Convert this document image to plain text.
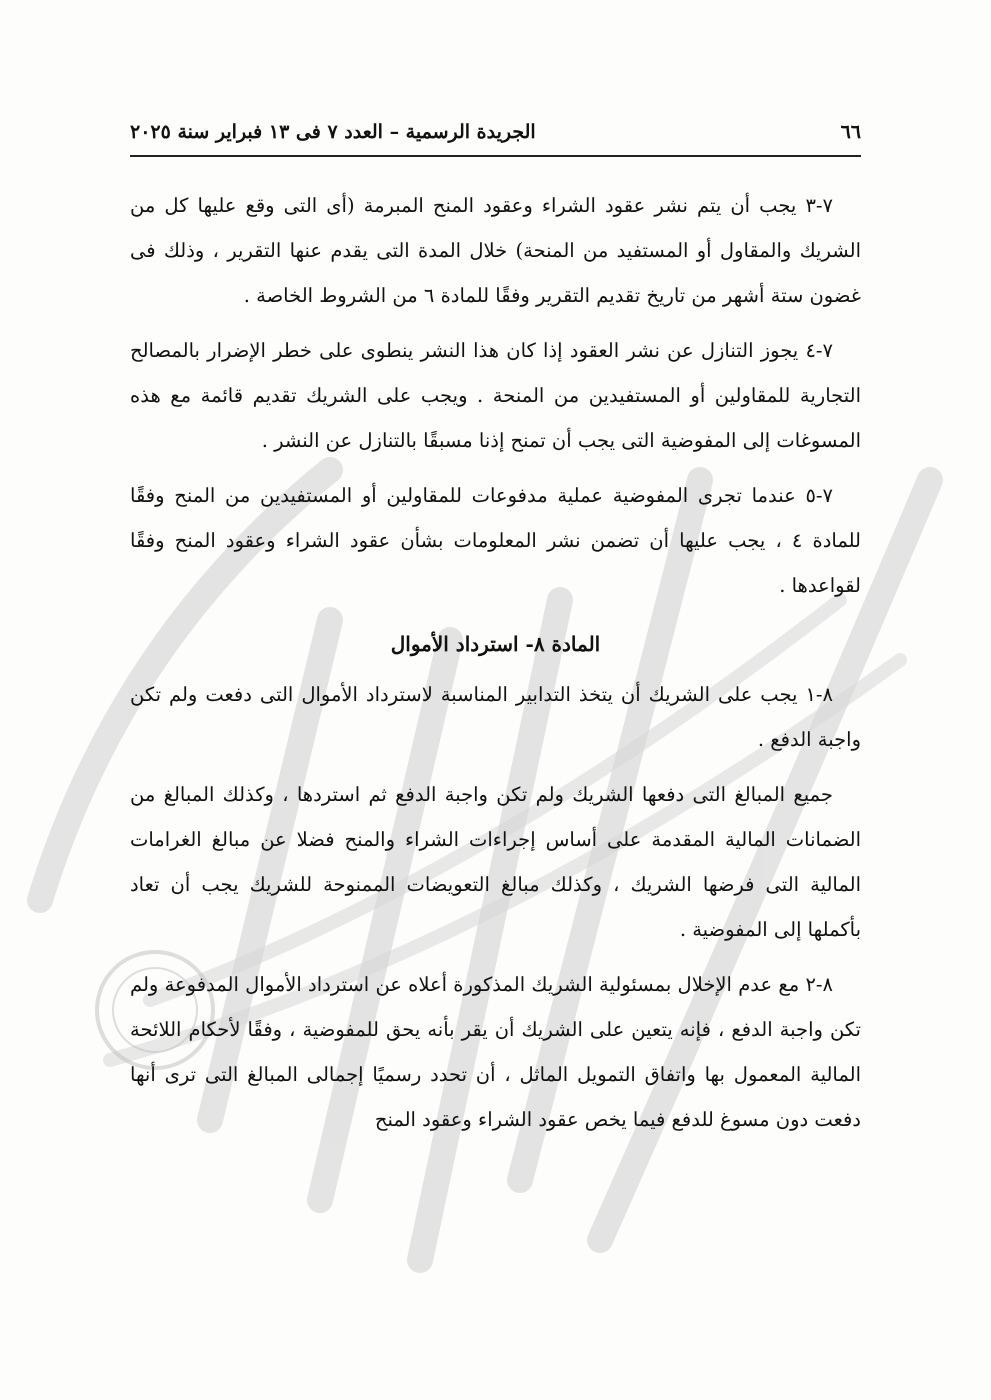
٦٦
الجريدة الرسمية – العدد ٧ فى ١٣ فبراير سنة ٢٠٢٥

٧-٣ يجب أن يتم نشر عقود الشراء وعقود المنح المبرمة (أى التى وقع عليها كل من الشريك والمقاول أو المستفيد من المنحة) خلال المدة التى يقدم عنها التقرير ، وذلك فى غضون ستة أشهر من تاريخ تقديم التقرير وفقًا للمادة ٦ من الشروط الخاصة .

٧-٤ يجوز التنازل عن نشر العقود إذا كان هذا النشر ينطوى على خطر الإضرار بالمصالح التجارية للمقاولين أو المستفيدين من المنحة . ويجب على الشريك تقديم قائمة مع هذه المسوغات إلى المفوضية التى يجب أن تمنح إذنا مسبقًا بالتنازل عن النشر .

٧-٥ عندما تجرى المفوضية عملية مدفوعات للمقاولين أو المستفيدين من المنح وفقًا للمادة ٤ ، يجب عليها أن تضمن نشر المعلومات بشأن عقود الشراء وعقود المنح وفقًا لقواعدها .

المادة ٨- استرداد الأموال

٨-١ يجب على الشريك أن يتخذ التدابير المناسبة لاسترداد الأموال التى دفعت ولم تكن واجبة الدفع .

جميع المبالغ التى دفعها الشريك ولم تكن واجبة الدفع ثم استردها ، وكذلك المبالغ من الضمانات المالية المقدمة على أساس إجراءات الشراء والمنح فضلا عن مبالغ الغرامات المالية التى فرضها الشريك ، وكذلك مبالغ التعويضات الممنوحة للشريك يجب أن تعاد بأكملها إلى المفوضية .

٨-٢ مع عدم الإخلال بمسئولية الشريك المذكورة أعلاه عن استرداد الأموال المدفوعة ولم تكن واجبة الدفع ، فإنه يتعين على الشريك أن يقر بأنه يحق للمفوضية ، وفقًا لأحكام اللائحة المالية المعمول بها واتفاق التمويل الماثل ، أن تحدد رسميًا إجمالى المبالغ التى ترى أنها دفعت دون مسوغ للدفع فيما يخص عقود الشراء وعقود المنح
